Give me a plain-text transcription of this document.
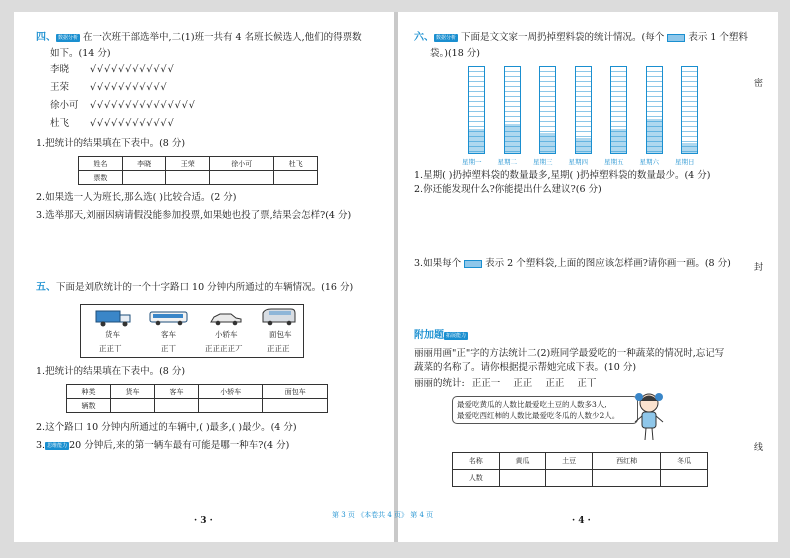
四、 数据分析 在一次班干部选举中,二(1)班一共有 4 名班长候选人,他们的得票数
如下。(14 分)
李晓 √√√√√√√√√√√√
王荣 √√√√√√√√√√√
徐小可 √√√√√√√√√√√√√√√
杜飞 √√√√√√√√√√√√
1.把统计的结果填在下表中。(8 分)
姓名	李晓	王荣	徐小可	杜飞
票数				
2.如果选一人为班长,那么选( )比较合适。(2 分)
3.选举那天,刘丽因病请假没能参加投票,如果她也投了票,结果会怎样?(4 分)
五、下面是刘欣统计的一个十字路口 10 分钟内所通过的车辆情况。(16 分)
货车	客车	小轿车	面包车
正正丅	正丅	正正正正丆	正正正
1.把统计的结果填在下表中。(8 分)
种类	货车	客车	小轿车	面包车
辆数				
2.这个路口 10 分钟内所通过的车辆中,( )最多,( )最少。(4 分)
3. 思维能力 20 分钟后,来的第一辆车最有可能是哪一种车?(4 分)
· 3 ·
六、 数据分析 下面是文文家一周扔掉塑料袋的统计情况。(每个	表示 1 个塑料
袋。)(18 分)
星期一 星期二 星期三 星期四 星期五 星期六 星期日
1.星期( )扔掉塑料袋的数量最多,星期( )扔掉塑料袋的数量最少。(4 分)
2.你还能发现什么?你能提出什么建议?(6 分)
3.如果每个	表示 2 个塑料袋,上面的图应该怎样画?请你画一画。(8 分)
附加题 拓展能力
丽丽用画"正"字的方法统计二(2)班同学最爱吃的一种蔬菜的情况时,忘记写
蔬菜的名称了。请你根据提示帮她完成下表。(10 分)
丽丽的统计: 正正⼀ 正正 正正 正丅
最爱吃黄瓜的人数比最爱吃土豆的人数多3人,
最爱吃西红柿的人数比最爱吃冬瓜的人数少2人。
名称	黄瓜	土豆	西红柿	冬瓜
人数				
密
封
线
第 3 页 《本卷共 4 页》 第 4 页
· 4 ·
